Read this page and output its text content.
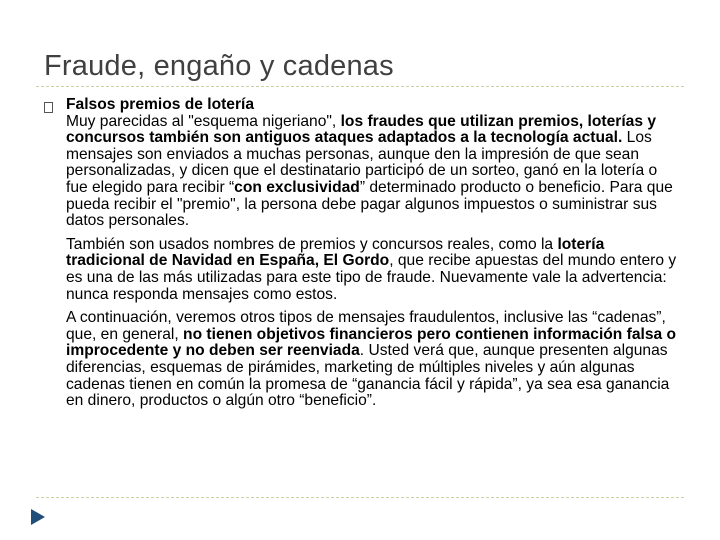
Fraude, engaño y cadenas

Falsos premios de lotería
Muy parecidas al "esquema nigeriano", los fraudes que utilizan premios, loterías y concursos también son antiguos ataques adaptados a la tecnología actual. Los mensajes son enviados a muchas personas, aunque den la impresión de que sean personalizadas, y dicen que el destinatario participó de un sorteo, ganó en la lotería o fue elegido para recibir “con exclusividad” determinado producto o beneficio. Para que pueda recibir el "premio", la persona debe pagar algunos impuestos o suministrar sus datos personales.

También son usados nombres de premios y concursos reales, como la lotería tradicional de Navidad en España, El Gordo, que recibe apuestas del mundo entero y es una de las más utilizadas para este tipo de fraude. Nuevamente vale la advertencia: nunca responda mensajes como estos.

A continuación, veremos otros tipos de mensajes fraudulentos, inclusive las “cadenas”, que, en general, no tienen objetivos financieros pero contienen información falsa o improcedente y no deben ser reenviada. Usted verá que, aunque presenten algunas diferencias, esquemas de pirámides, marketing de múltiples niveles y aún algunas cadenas tienen en común la promesa de “ganancia fácil y rápida”, ya sea esa ganancia en dinero, productos o algún otro “beneficio”.
